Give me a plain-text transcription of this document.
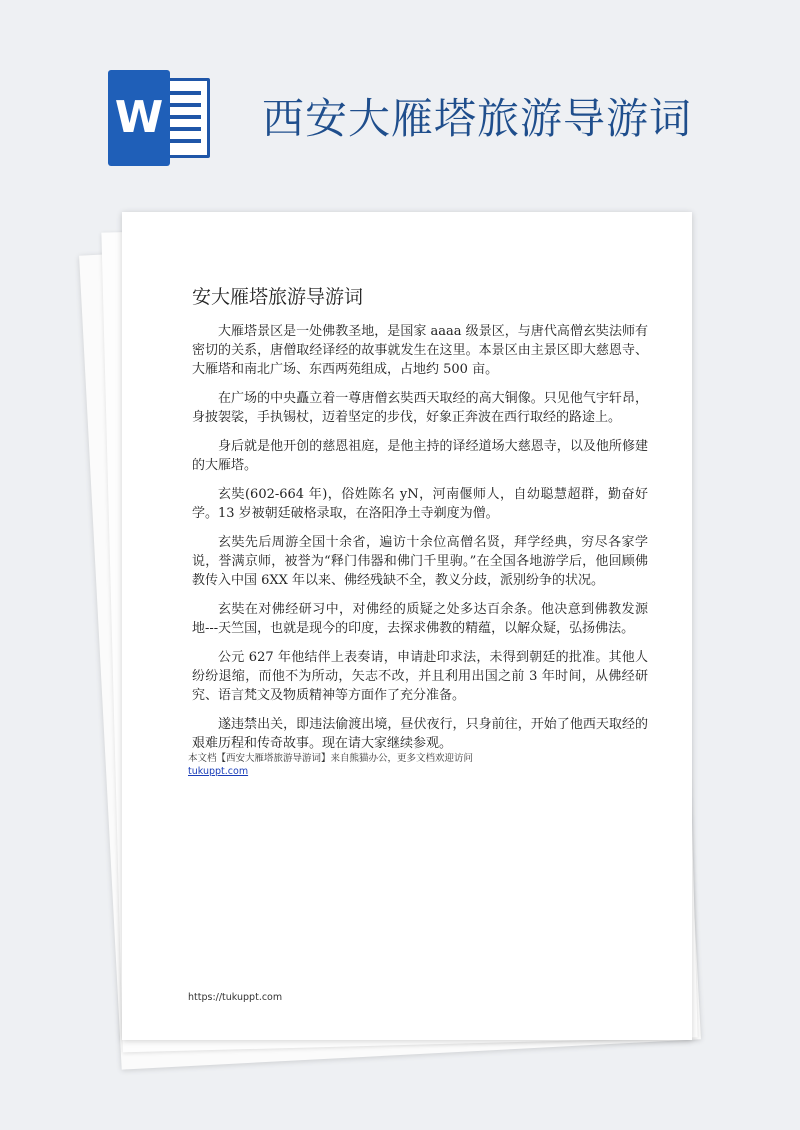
W 西安大雁塔旅游导游词
安大雁塔旅游导游词

大雁塔景区是一处佛教圣地，是国家 aaaa 级景区，与唐代高僧玄奘法师有密切的关系，唐僧取经译经的故事就发生在这里。本景区由主景区即大慈恩寺、大雁塔和南北广场、东西两苑组成，占地约 500 亩。

在广场的中央矗立着一尊唐僧玄奘西天取经的高大铜像。只见他气宇轩昂，身披袈裟，手执锡杖，迈着坚定的步伐，好象正奔波在西行取经的路途上。

身后就是他开创的慈恩祖庭，是他主持的译经道场大慈恩寺，以及他所修建的大雁塔。

玄奘(602-664 年)，俗姓陈名 yN，河南偃师人，自幼聪慧超群，勤奋好学。13 岁被朝廷破格录取，在洛阳净土寺剃度为僧。

玄奘先后周游全国十余省，遍访十余位高僧名贤，拜学经典，穷尽各家学说，誉满京师，被誉为“释门伟器和佛门千里驹。”在全国各地游学后，他回顾佛教传入中国 6XX 年以来、佛经残缺不全，教义分歧，派别纷争的状况。

玄奘在对佛经研习中，对佛经的质疑之处多达百余条。他决意到佛教发源地---天竺国，也就是现今的印度，去探求佛教的精蕴，以解众疑，弘扬佛法。

公元 627 年他结伴上表奏请，申请赴印求法，未得到朝廷的批准。其他人纷纷退缩，而他不为所动，矢志不改，并且利用出国之前 3 年时间，从佛经研究、语言梵文及物质精神等方面作了充分准备。

遂违禁出关，即违法偷渡出境，昼伏夜行，只身前往，开始了他西天取经的艰难历程和传奇故事。现在请大家继续参观。

本文档【西安大雁塔旅游导游词】来自熊猫办公，更多文档欢迎访问
tukuppt.com
https://tukuppt.com
